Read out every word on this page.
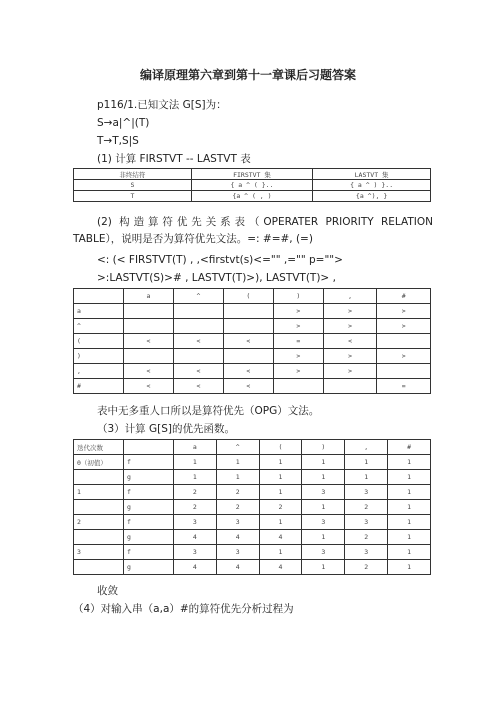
编译原理第六章到第十一章课后习题答案
p116/1.已知文法 G[S]为：
S→a|^|(T)
T→T,S|S
(1) 计算 FIRSTVT -- LASTVT 表
非终结符	FIRSTVT 集	LASTVT 集
S	{ a ^ ( }..	{ a ^ ) }..
T	{a ^ ( , )	{a ^), }
(2) 构造算符优先关系表（OPERATER PRIORITY RELATION TABLE），说明是否为算符优先文法。=: #=#, (=)
<: (< FIRSTVT(T) , ,<firstvt(s)<="" ,="" p="">
>:LASTVT(S)># , LASTVT(T)>), LASTVT(T)> ,
	a	^	(	)	,	#
a				>	>	>
^				>	>	>
(	<	<	<	=	<	
)				>	>	>
,	<	<	<	>	>	
#	<	<	<			=
表中无多重人口所以是算符优先（OPG）文法。
（3）计算 G[S]的优先函数。
迭代次数		a	^	(	)	,	#
0（初值）	f	1	1	1	1	1	1
	g	1	1	1	1	1	1
1	f	2	2	1	3	3	1
	g	2	2	2	1	2	1
2	f	3	3	1	3	3	1
	g	4	4	4	1	2	1
3	f	3	3	1	3	3	1
	g	4	4	4	1	2	1
收敛
（4）对输入串（a,a）#的算符优先分析过程为
